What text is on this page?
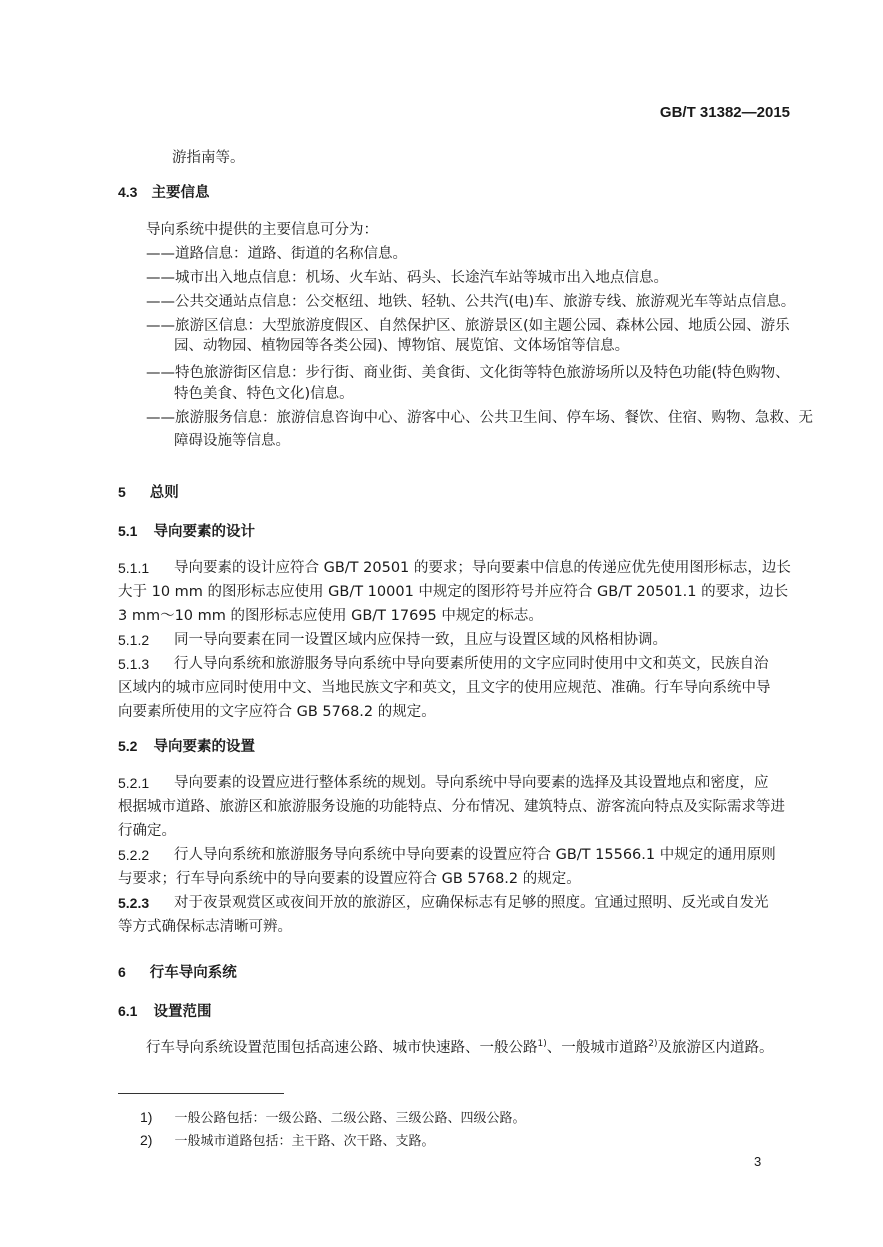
GB/T 31382—2015
游指南等。
4.3 主要信息
导向系统中提供的主要信息可分为：
——道路信息：道路、街道的名称信息。
——城市出入地点信息：机场、火车站、码头、长途汽车站等城市出入地点信息。
——公共交通站点信息：公交枢纽、地铁、轻轨、公共汽(电)车、旅游专线、旅游观光车等站点信息。
——旅游区信息：大型旅游度假区、自然保护区、旅游景区(如主题公园、森林公园、地质公园、游乐
园、动物园、植物园等各类公园)、博物馆、展览馆、文体场馆等信息。
——特色旅游街区信息：步行街、商业街、美食街、文化街等特色旅游场所以及特色功能(特色购物、
特色美食、特色文化)信息。
——旅游服务信息：旅游信息咨询中心、游客中心、公共卫生间、停车场、餐饮、住宿、购物、急救、无
障碍设施等信息。
5 总则
5.1 导向要素的设计
5.1.1 导向要素的设计应符合 GB/T 20501 的要求；导向要素中信息的传递应优先使用图形标志，边长
大于 10 mm 的图形标志应使用 GB/T 10001 中规定的图形符号并应符合 GB/T 20501.1 的要求，边长
3 mm～10 mm 的图形标志应使用 GB/T 17695 中规定的标志。
5.1.2 同一导向要素在同一设置区域内应保持一致，且应与设置区域的风格相协调。
5.1.3 行人导向系统和旅游服务导向系统中导向要素所使用的文字应同时使用中文和英文，民族自治
区域内的城市应同时使用中文、当地民族文字和英文，且文字的使用应规范、准确。行车导向系统中导
向要素所使用的文字应符合 GB 5768.2 的规定。
5.2 导向要素的设置
5.2.1 导向要素的设置应进行整体系统的规划。导向系统中导向要素的选择及其设置地点和密度，应
根据城市道路、旅游区和旅游服务设施的功能特点、分布情况、建筑特点、游客流向特点及实际需求等进
行确定。
5.2.2 行人导向系统和旅游服务导向系统中导向要素的设置应符合 GB/T 15566.1 中规定的通用原则
与要求；行车导向系统中的导向要素的设置应符合 GB 5768.2 的规定。
5.2.3 对于夜景观赏区或夜间开放的旅游区，应确保标志有足够的照度。宜通过照明、反光或自发光
等方式确保标志清晰可辨。
6 行车导向系统
6.1 设置范围
行车导向系统设置范围包括高速公路、城市快速路、一般公路$^{1)}$、一般城市道路$^{2)}$及旅游区内道路。
1) 一般公路包括：一级公路、二级公路、三级公路、四级公路。
2) 一般城市道路包括：主干路、次干路、支路。
3
